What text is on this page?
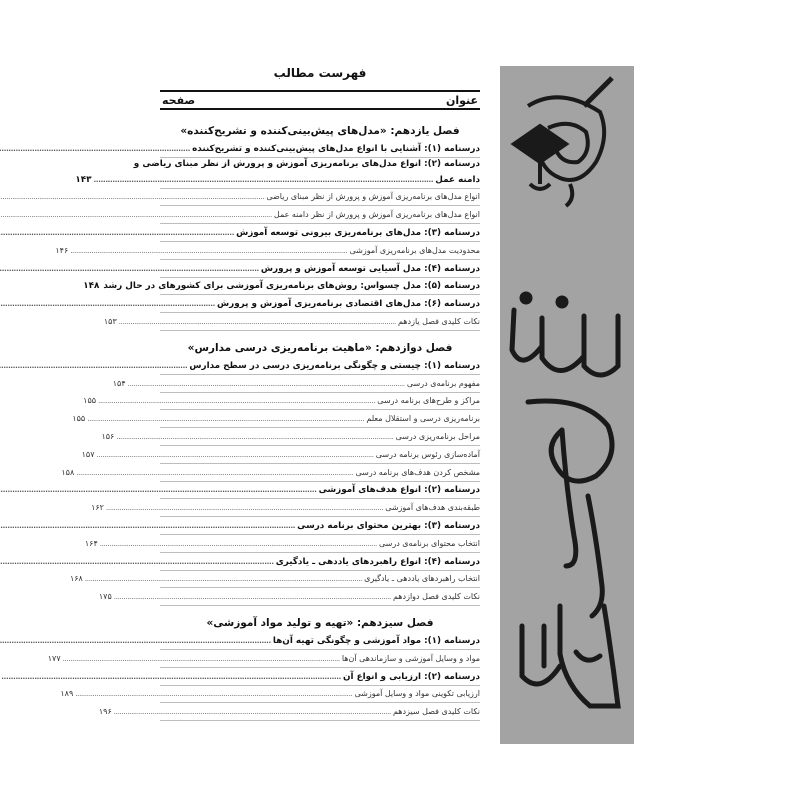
فهرست مطالب
عنوان
صفحه
فصل یازدهم: «مدل‌های پیش‌بینی‌کننده و تشریح‌کننده»
درسنامه (۱): آشنایی با انواع مدل‌های پیش‌بینی‌کننده و تشریح‌کننده
.....
درسنامه (۲): انواع مدل‌های برنامه‌ریزی آموزش و پرورش از نظر مبنای ریاضی و
دامنه عمل
.....
۱۴۳
انواع مدل‌های برنامه‌ریزی آموزش و پرورش از نظر مبنای ریاضی
.....
انواع مدل‌های برنامه‌ریزی آموزش و پرورش از نظر دامنه عمل
.....
درسنامه (۳): مدل‌های برنامه‌ریزی بیرونی توسعه آموزش
.....
محدودیت مدل‌های برنامه‌ریزی آموزشی
.....
۱۴۶
درسنامه (۴): مدل آسیایی توسعه آموزش و پرورش
.....
درسنامه (۵): مدل چسواس: روش‌های برنامه‌ریزی آموزشی برای کشورهای در حال رشد
۱۴۸
درسنامه (۶): مدل‌های اقتصادی برنامه‌ریزی آموزش و پرورش
.....
نکات کلیدی فصل یازدهم
.....
۱۵۳
فصل دوازدهم: «ماهیت برنامه‌ریزی درسی مدارس»
درسنامه (۱): چیستی و چگونگی برنامه‌ریزی درسی در سطح مدارس
.....
مفهوم برنامه‌ی درسی
.....
۱۵۴
مراکز و طرح‌های برنامه درسی
.....
۱۵۵
برنامه‌ریزی درسی و استقلال معلم
.....
۱۵۵
مراحل برنامه‌ریزی درسی
.....
۱۵۶
آماده‌سازی رئوس برنامه درسی
.....
۱۵۷
مشخص کردن هدف‌های برنامه درسی
.....
۱۵۸
درسنامه (۲): انواع هدف‌های آموزشی
.....
طبقه‌بندی هدف‌های آموزشی
.....
۱۶۲
درسنامه (۳): بهترین محتوای برنامه درسی
.....
انتخاب محتوای برنامه‌ی درسی
.....
۱۶۴
درسنامه (۴): انواع راهبردهای یاددهی ـ یادگیری
.....
انتخاب راهبردهای یاددهی ـ یادگیری
.....
۱۶۸
نکات کلیدی فصل دوازدهم
.....
۱۷۵
فصل سیزدهم: «تهیه و تولید مواد آموزشی»
درسنامه (۱): مواد آموزشی و چگونگی تهیه آن‌ها
.....
مواد و وسایل آموزشی و سازماندهی آن‌ها
.....
۱۷۷
درسنامه (۲): ارزیابی و انواع آن
.....
ارزیابی تکوینی مواد و وسایل آموزشی
.....
۱۸۹
نکات کلیدی فصل سیزدهم
.....
۱۹۶
